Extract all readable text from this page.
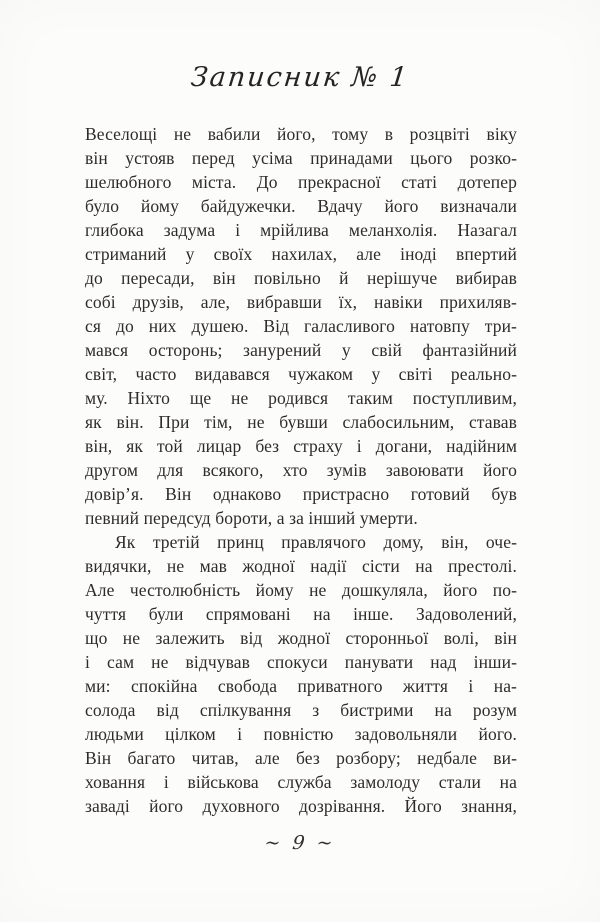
Записник № 1
Веселощі не вабили його, тому в розцвіті віку
він устояв перед усіма принадами цього розко-
шелюбного міста. До прекрасної статі дотепер
було йому байдужечки. Вдачу його визначали
глибока задума і мрійлива меланхолія. Назагал
стриманий у своїх нахилах, але іноді впертий
до пересади, він повільно й нерішуче вибирав
собі друзів, але, вибравши їх, навіки прихиляв-
ся до них душею. Від галасливого натовпу три-
мався осторонь; занурений у свій фантазійний
світ, часто видавався чужаком у світі реально-
му. Ніхто ще не родився таким поступливим,
як він. При тім, не бувши слабосильним, ставав
він, як той лицар без страху і догани, надійним
другом для всякого, хто зумів завоювати його
довір’я. Він однаково пристрасно готовий був
певний передсуд бороти, а за інший умерти.
Як третій принц правлячого дому, він, оче-
видячки, не мав жодної надії сісти на престолі.
Але честолюбність йому не дошкуляла, його по-
чуття були спрямовані на інше. Задоволений,
що не залежить від жодної сторонньої волі, він
і сам не відчував спокуси панувати над інши-
ми: спокійна свобода приватного життя і на-
солода від спілкування з бистрими на розум
людьми цілком і повністю задовольняли його.
Він багато читав, але без розбору; недбале ви-
ховання і військова служба замолоду стали на
заваді його духовного дозрівання. Його знання,
~ 9 ~
